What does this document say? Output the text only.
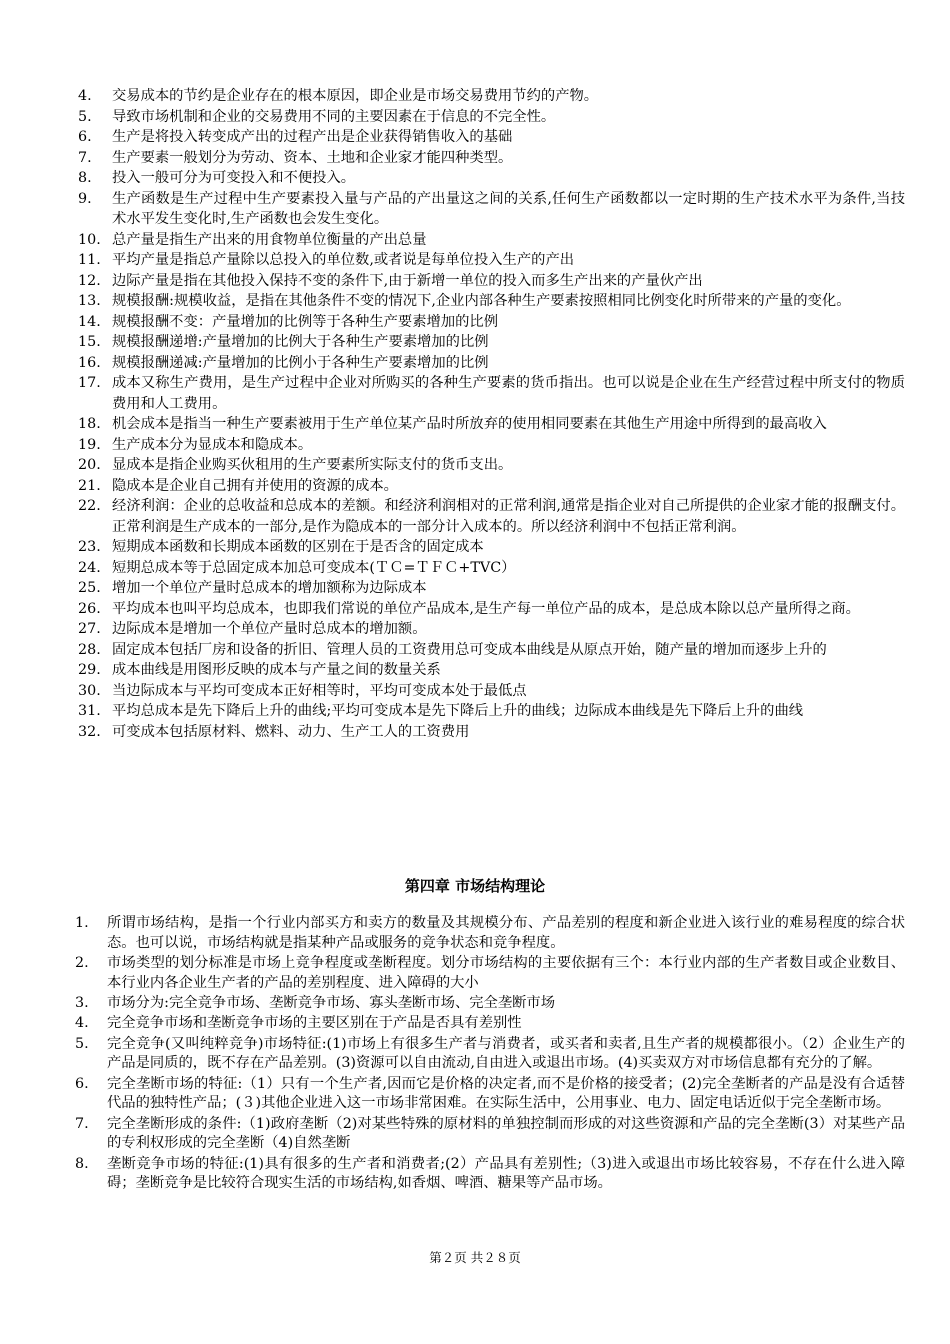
4.	交易成本的节约是企业存在的根本原因，即企业是市场交易费用节约的产物。
5.	导致市场机制和企业的交易费用不同的主要因素在于信息的不完全性。
6.	生产是将投入转变成产出的过程产出是企业获得销售收入的基础
7.	生产要素一般划分为劳动、资本、土地和企业家才能四种类型。
8.	投入一般可分为可变投入和不便投入。
9.	生产函数是生产过程中生产要素投入量与产品的产出量这之间的关系,任何生产函数都以一定时期的生产技术水平为条件,当技术水平发生变化时,生产函数也会发生变化。
10. 总产量是指生产出来的用食物单位衡量的产出总量
11. 平均产量是指总产量除以总投入的单位数,或者说是每单位投入生产的产出
12. 边际产量是指在其他投入保持不变的条件下,由于新增一单位的投入而多生产出来的产量伙产出
13. 规模报酬:规模收益，是指在其他条件不变的情况下,企业内部各种生产要素按照相同比例变化时所带来的产量的变化。
14. 规模报酬不变：产量增加的比例等于各种生产要素增加的比例
15. 规模报酬递增:产量增加的比例大于各种生产要素增加的比例
16. 规模报酬递减:产量增加的比例小于各种生产要素增加的比例
17. 成本又称生产费用，是生产过程中企业对所购买的各种生产要素的货币指出。也可以说是企业在生产经营过程中所支付的物质费用和人工费用。
18. 机会成本是指当一种生产要素被用于生产单位某产品时所放弃的使用相同要素在其他生产用途中所得到的最高收入
19. 生产成本分为显成本和隐成本。
20. 显成本是指企业购买伙租用的生产要素所实际支付的货币支出。
21. 隐成本是企业自己拥有并使用的资源的成本。
22. 经济利润：企业的总收益和总成本的差额。和经济利润相对的正常利润,通常是指企业对自己所提供的企业家才能的报酬支付。正常利润是生产成本的一部分,是作为隐成本的一部分计入成本的。所以经济利润中不包括正常利润。
23. 短期成本函数和长期成本函数的区别在于是否含的固定成本
24. 短期总成本等于总固定成本加总可变成本(ＴＣ=ＴＦＣ+TVC）
25. 增加一个单位产量时总成本的增加额称为边际成本
26. 平均成本也叫平均总成本，也即我们常说的单位产品成本,是生产每一单位产品的成本，是总成本除以总产量所得之商。
27. 边际成本是增加一个单位产量时总成本的增加额。
28. 固定成本包括厂房和设备的折旧、管理人员的工资费用总可变成本曲线是从原点开始，随产量的增加而逐步上升的
29. 成本曲线是用图形反映的成本与产量之间的数量关系
30. 当边际成本与平均可变成本正好相等时，平均可变成本处于最低点
31. 平均总成本是先下降后上升的曲线;平均可变成本是先下降后上升的曲线；边际成本曲线是先下降后上升的曲线
32. 可变成本包括原材料、燃料、动力、生产工人的工资费用
第四章 市场结构理论
1.	所谓市场结构，是指一个行业内部买方和卖方的数量及其规模分布、产品差别的程度和新企业进入该行业的难易程度的综合状态。也可以说，市场结构就是指某种产品或服务的竞争状态和竞争程度。
2.	市场类型的划分标准是市场上竞争程度或垄断程度。划分市场结构的主要依据有三个：本行业内部的生产者数目或企业数目、本行业内各企业生产者的产品的差别程度、进入障碍的大小
3.	市场分为:完全竞争市场、垄断竞争市场、寡头垄断市场、完全垄断市场
4.	完全竞争市场和垄断竞争市场的主要区别在于产品是否具有差别性
5.	完全竞争(又叫纯粹竞争)市场特征:(1)市场上有很多生产者与消费者，或买者和卖者,且生产者的规模都很小。（2）企业生产的产品是同质的，既不存在产品差别。(3)资源可以自由流动,自由进入或退出市场。(4)买卖双方对市场信息都有充分的了解。
6.	完全垄断市场的特征:（1）只有一个生产者,因而它是价格的决定者,而不是价格的接受者；(2)完全垄断者的产品是没有合适替代品的独特性产品；(３)其他企业进入这一市场非常困难。在实际生活中，公用事业、电力、固定电话近似于完全垄断市场。
7.	完全垄断形成的条件:（1)政府垄断（2)对某些特殊的原材料的单独控制而形成的对这些资源和产品的完全垄断(3）对某些产品的专利权形成的完全垄断（4)自然垄断
8.	垄断竞争市场的特征:(1)具有很多的生产者和消费者;(2）产品具有差别性;（3)进入或退出市场比较容易，不存在什么进入障碍；垄断竞争是比较符合现实生活的市场结构,如香烟、啤酒、糖果等产品市场。
第２页 共２８页
